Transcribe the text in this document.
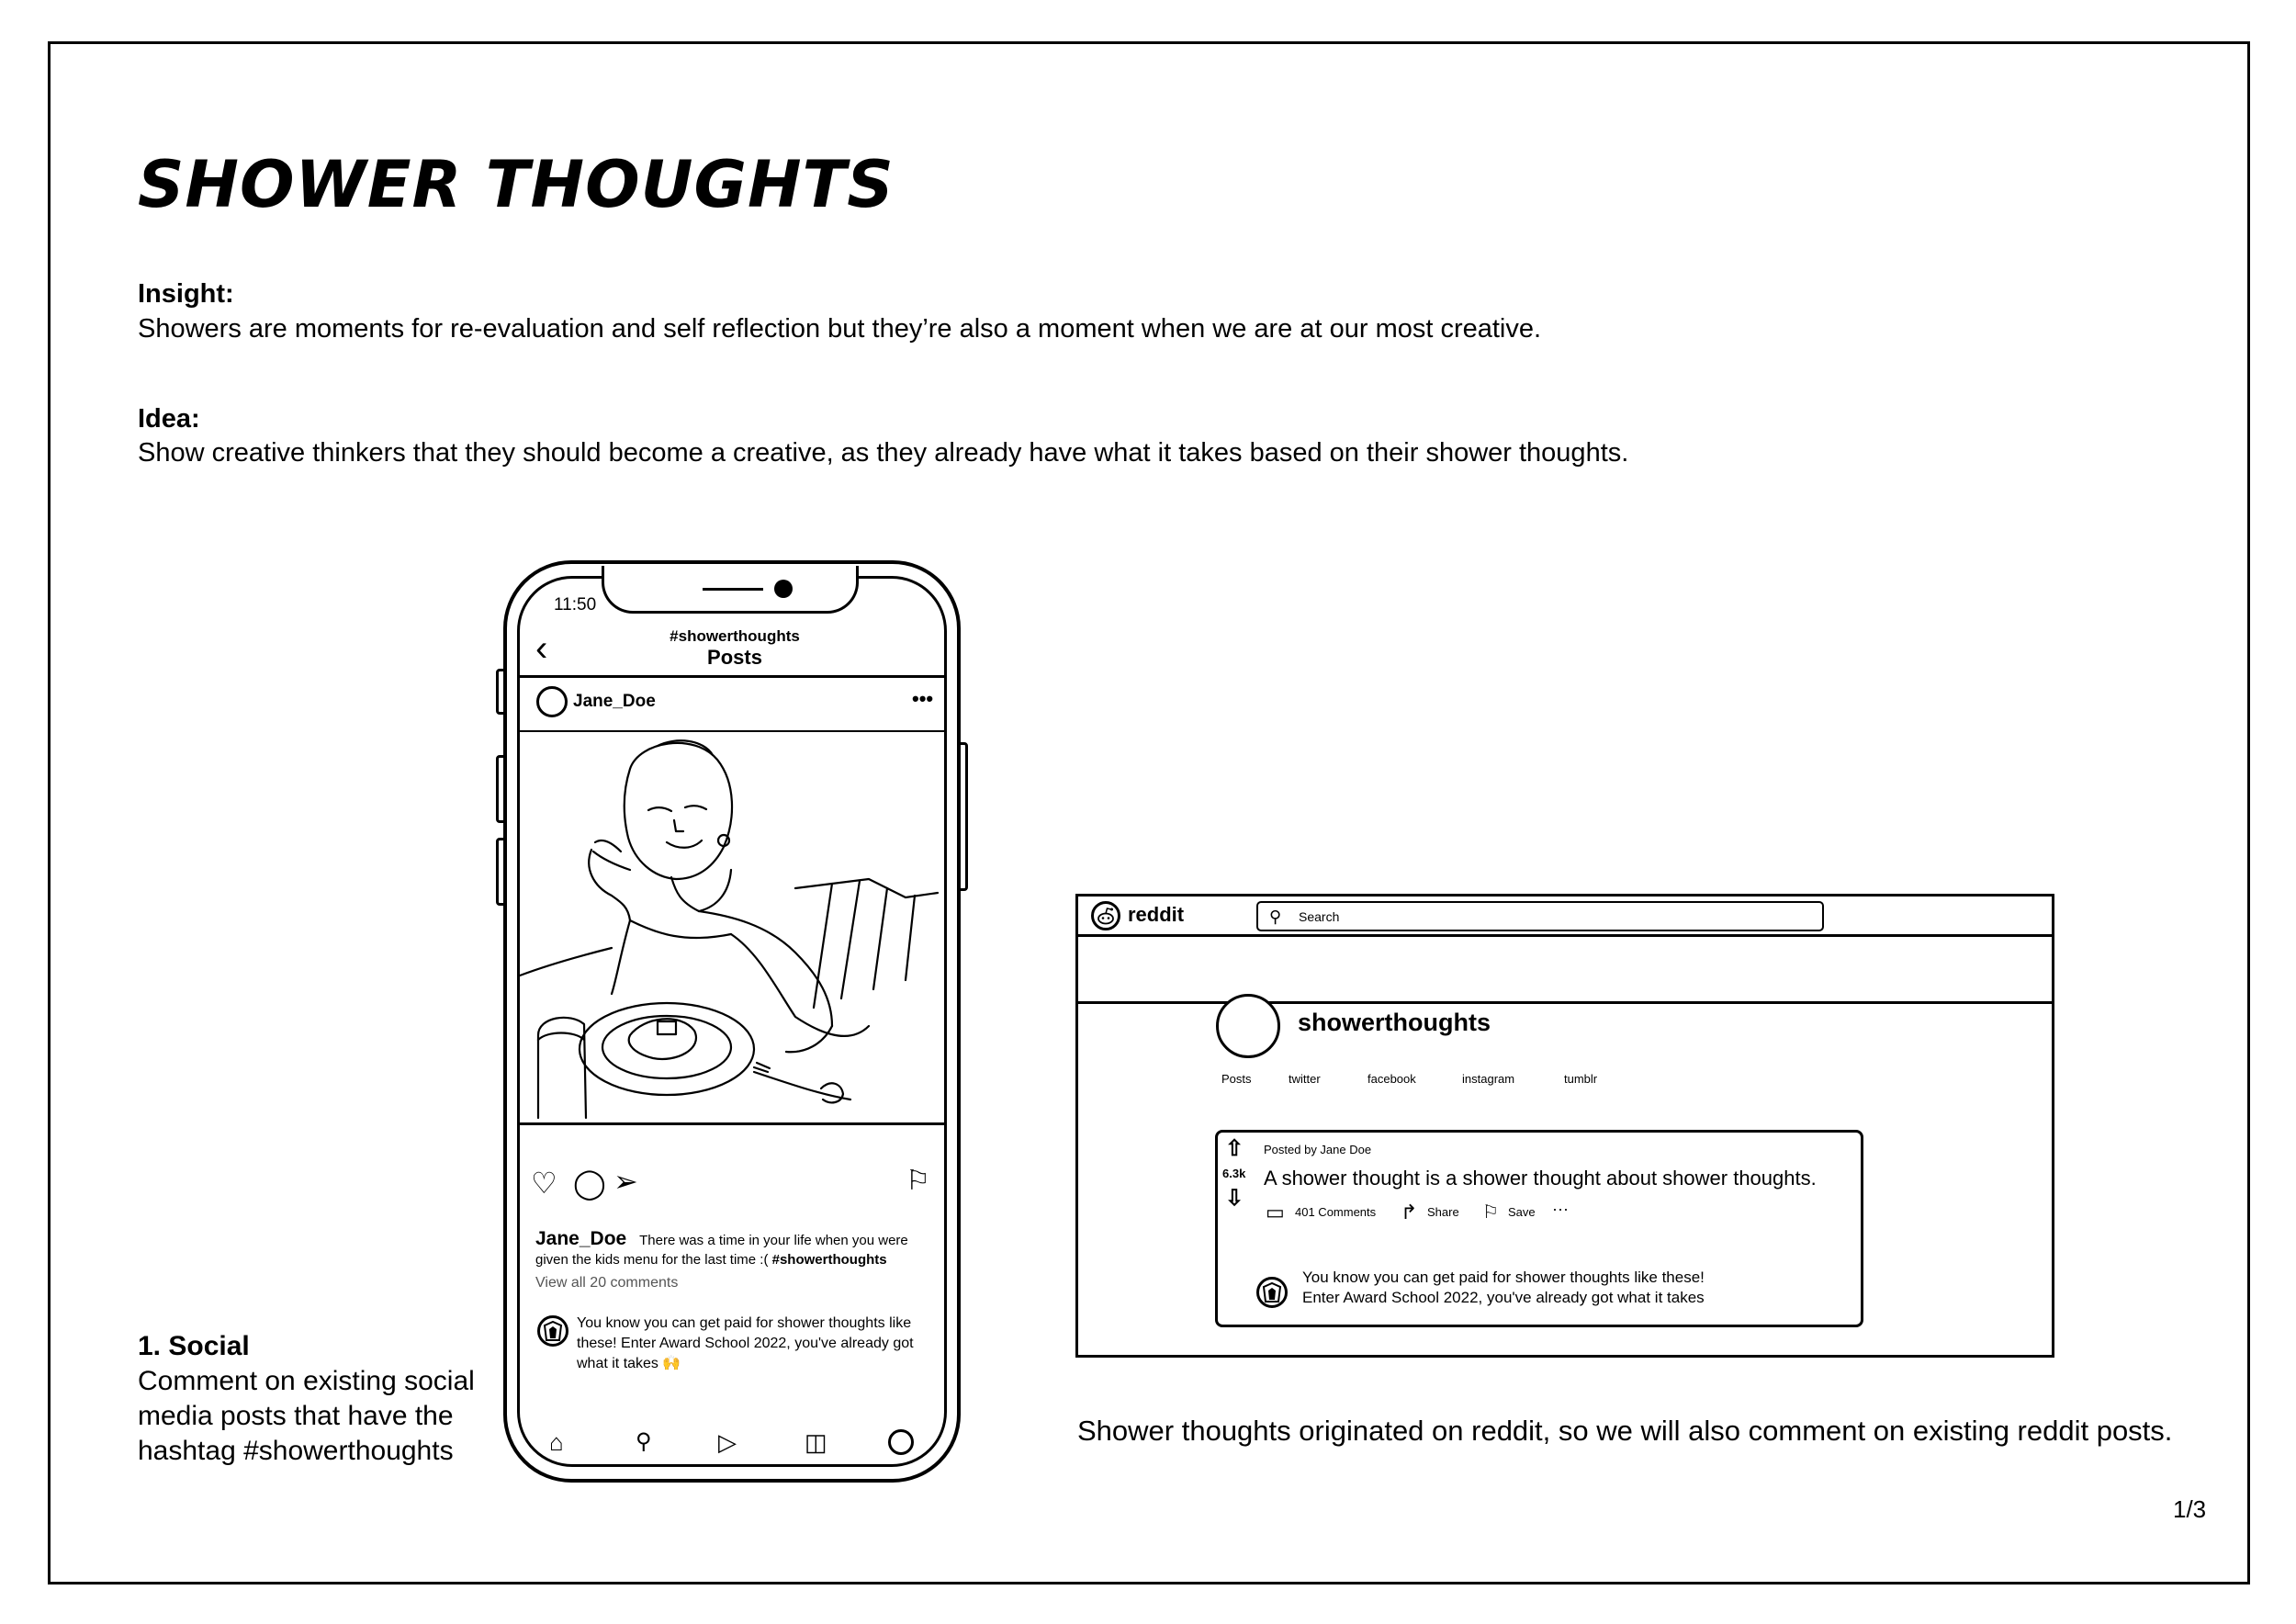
SHOWER THOUGHTS
Insight:
Showers are moments for re-evaluation and self reflection but they’re also a moment when we are at our most creative.
Idea:
Show creative thinkers that they should become a creative, as they already have what it takes based on their shower thoughts.
1. Social
Comment on existing social media posts that have the hashtag #showerthoughts
11:50
‹	#showerthoughts
Posts
Jane_Doe	•••
♡ ◯ ➢	⚐
Jane_Doe There was a time in your life when you were given the kids menu for the last time :( #showerthoughts
View all 20 comments
You know you can get paid for shower thoughts like these! Enter Award School 2022, you've already got what it takes 🙌
⌂	⚲	▷	◫
reddit	⚲ Search
showerthoughts
Posts	twitter	facebook	instagram	tumblr
⇧
6.3k
⇩
Posted by Jane Doe
A shower thought is a shower thought about shower thoughts.
▭ 401 Comments ↱ Share ⚐ Save ···
You know you can get paid for shower thoughts like these!
Enter Award School 2022, you've already got what it takes
Shower thoughts originated on reddit, so we will also comment on existing reddit posts.
1/3
